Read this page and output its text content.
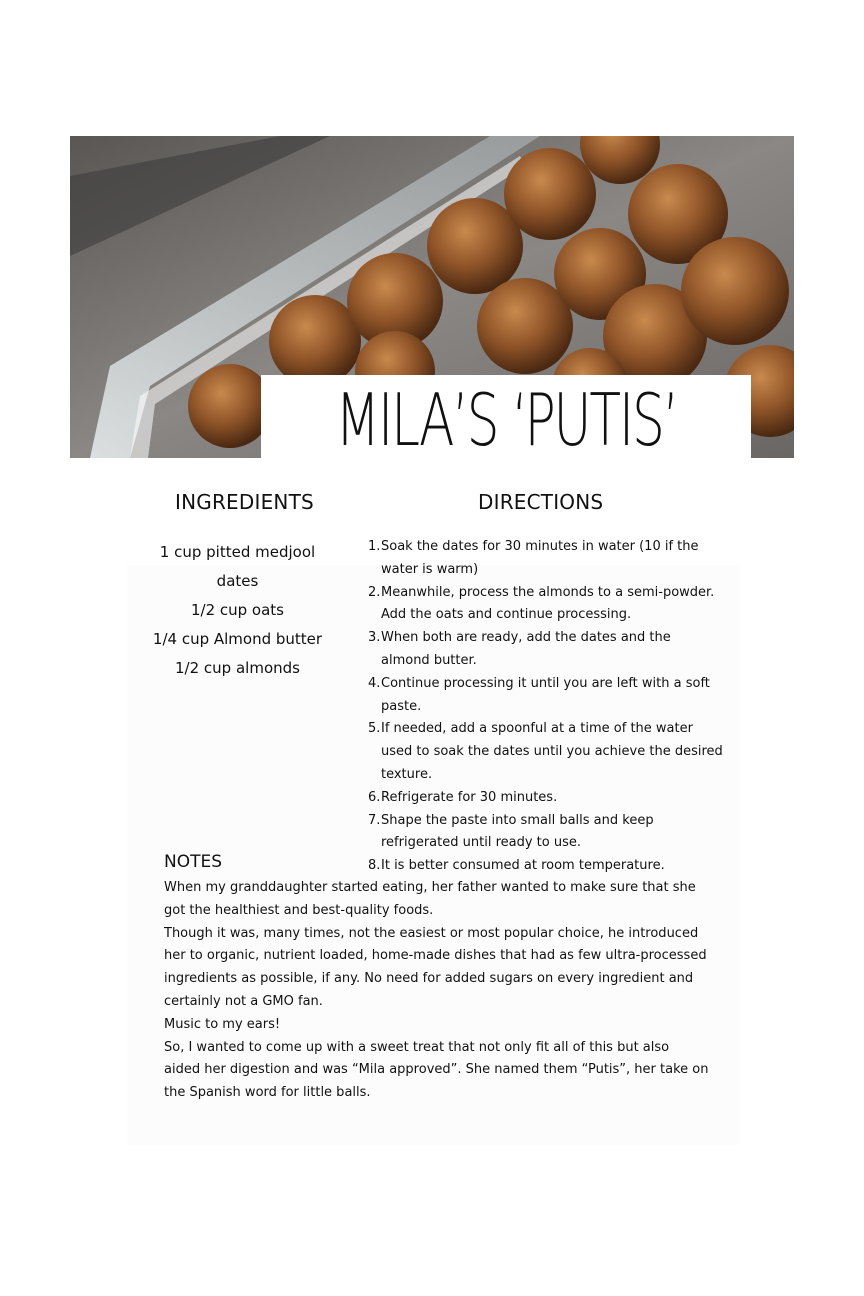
MILA’S ‘PUTIS’
INGREDIENTS	DIRECTIONS
1 cup pitted medjool
dates
1/2 cup oats
1/4 cup Almond butter
1/2 cup almonds
1. Soak the dates for 30 minutes in water (10 if the water is warm)
2. Meanwhile, process the almonds to a semi-powder. Add the oats and continue processing.
3. When both are ready, add the dates and the almond butter.
4. Continue processing it until you are left with a soft paste.
5. If needed, add a spoonful at a time of the water used to soak the dates until you achieve the desired texture.
6. Refrigerate for 30 minutes.
7. Shape the paste into small balls and keep refrigerated until ready to use.
8. It is better consumed at room temperature.
NOTES

When my granddaughter started eating, her father wanted to make sure that she got the healthiest and best-quality foods.

Though it was, many times, not the easiest or most popular choice, he introduced her to organic, nutrient loaded, home-made dishes that had as few ultra-processed ingredients as possible, if any. No need for added sugars on every ingredient and certainly not a GMO fan.

Music to my ears!

So, I wanted to come up with a sweet treat that not only fit all of this but also aided her digestion and was “Mila approved”. She named them “Putis”, her take on the Spanish word for little balls.
